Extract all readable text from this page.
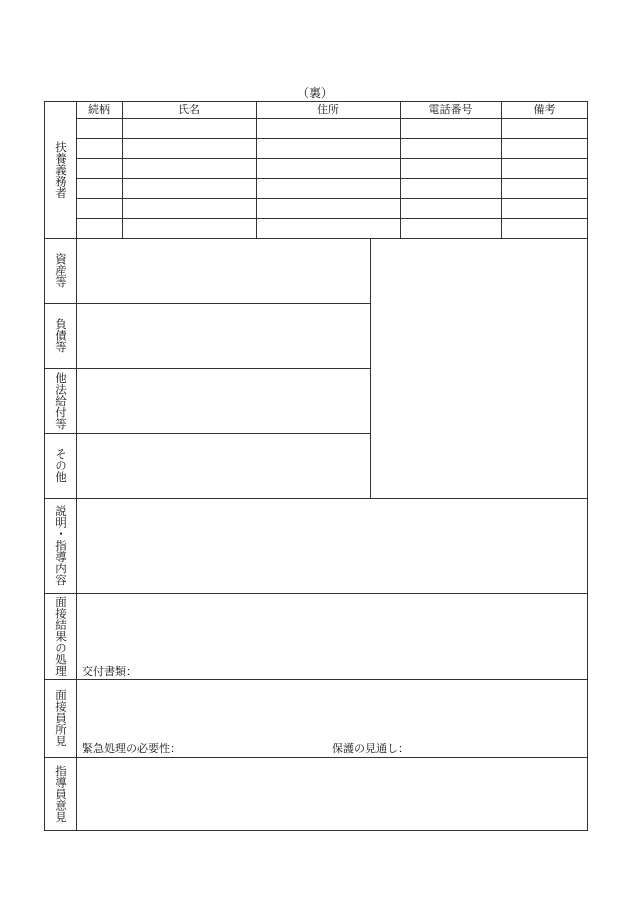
（裏）
扶養義務者
続柄	氏名	住所	電話番号	備考
資産等
負債等
他法給付等
その他
説明・指導内容
面接結果の処理	交付書類：
面接員所見
緊急処理の必要性：	保護の見通し：
指導員意見
